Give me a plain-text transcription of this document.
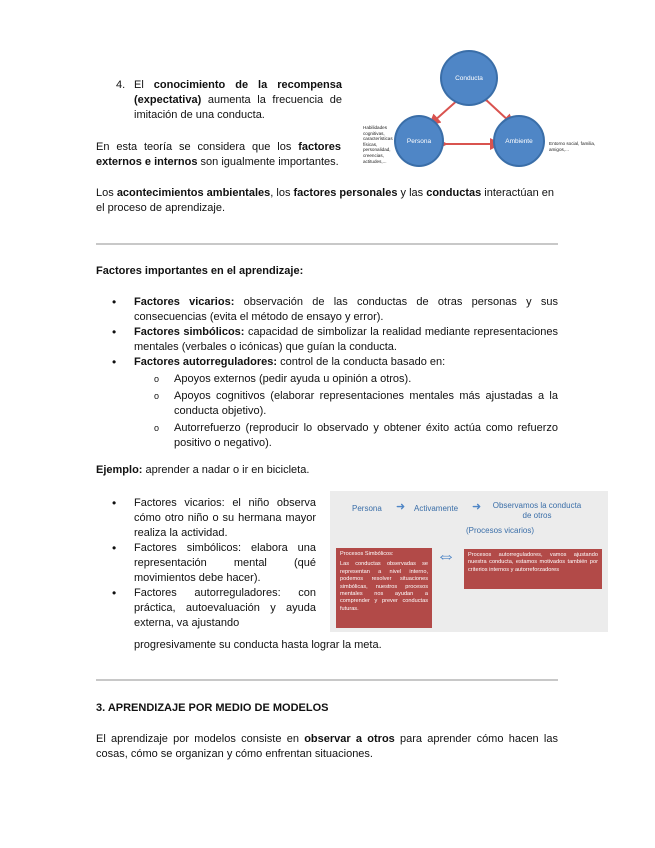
4. El conocimiento de la recompensa (expectativa) aumenta la frecuencia de imitación de una conducta.
En esta teoría se considera que los factores externos e internos son igualmente importantes.
Los acontecimientos ambientales, los factores personales y las conductas interactúan en el proceso de aprendizaje.
Conducta
Persona	Ambiente
Habilidades cognitivas, características físicas, personalidad, creencias, actitudes,...
Entorno social, familia, amigos,...
Factores importantes en el aprendizaje:
• Factores vicarios: observación de las conductas de otras personas y sus consecuencias (evita el método de ensayo y error).
• Factores simbólicos: capacidad de simbolizar la realidad mediante representaciones mentales (verbales o icónicas) que guían la conducta.
• Factores autorreguladores: control de la conducta basado en:
o Apoyos externos (pedir ayuda u opinión a otros).
o Apoyos cognitivos (elaborar representaciones mentales más ajustadas a la conducta objetivo).
o Autorrefuerzo (reproducir lo observado y obtener éxito actúa como refuerzo positivo o negativo).
Ejemplo: aprender a nadar o ir en bicicleta.
• Factores vicarios: el niño observa cómo otro niño o su hermana mayor realiza la actividad.
• Factores simbólicos: elabora una representación mental (qué movimientos debe hacer).
• Factores autorreguladores: con práctica, autoevaluación y ayuda externa, va ajustando
progresivamente su conducta hasta lograr la meta.
Persona ➜ Activamente ➜ Observamos la conducta de otros
(Procesos vicarios)
Procesos Simbólicos:
Las conductas observadas se representan a nivel interno, podemos resolver situaciones simbólicas, nuestros procesos mentales nos ayudan a comprender y prever conductas futuras.
⇔	Procesos autorreguladores, vamos ajustando nuestra conducta, estamos motivados también por criterios internos y autorreforzadores
3. APRENDIZAJE POR MEDIO DE MODELOS
El aprendizaje por modelos consiste en observar a otros para aprender cómo hacen las cosas, cómo se organizan y cómo enfrentan situaciones.
